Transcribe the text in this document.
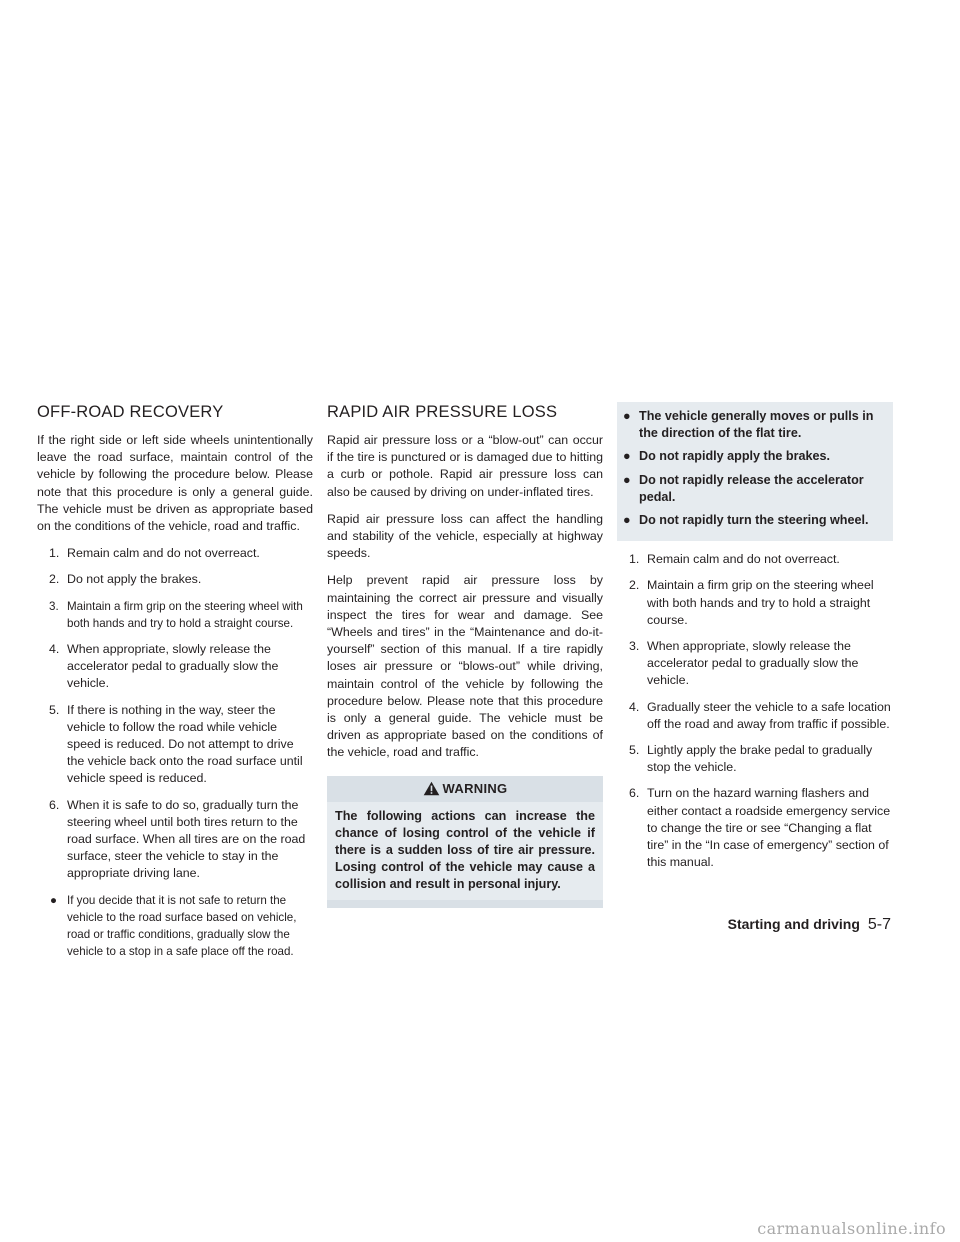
OFF-ROAD RECOVERY

If the right side or left side wheels unintentionally leave the road surface, maintain control of the vehicle by following the procedure below. Please note that this procedure is only a general guide. The vehicle must be driven as appropriate based on the conditions of the vehicle, road and traffic.

1. Remain calm and do not overreact.
2. Do not apply the brakes.
3. Maintain a firm grip on the steering wheel with both hands and try to hold a straight course.
4. When appropriate, slowly release the accelerator pedal to gradually slow the vehicle.
5. If there is nothing in the way, steer the vehicle to follow the road while vehicle speed is reduced. Do not attempt to drive the vehicle back onto the road surface until vehicle speed is reduced.
6. When it is safe to do so, gradually turn the steering wheel until both tires return to the road surface. When all tires are on the road surface, steer the vehicle to stay in the appropriate driving lane.
● If you decide that it is not safe to return the vehicle to the road surface based on vehicle, road or traffic conditions, gradually slow the vehicle to a stop in a safe place off the road.
RAPID AIR PRESSURE LOSS

Rapid air pressure loss or a “blow-out” can occur if the tire is punctured or is damaged due to hitting a curb or pothole. Rapid air pressure loss can also be caused by driving on under-inflated tires.

Rapid air pressure loss can affect the handling and stability of the vehicle, especially at highway speeds.

Help prevent rapid air pressure loss by maintaining the correct air pressure and visually inspect the tires for wear and damage. See “Wheels and tires” in the “Maintenance and do-it-yourself” section of this manual. If a tire rapidly loses air pressure or “blows-out” while driving, maintain control of the vehicle by following the procedure below. Please note that this procedure is only a general guide. The vehicle must be driven as appropriate based on the conditions of the vehicle, road and traffic.

WARNING
The following actions can increase the chance of losing control of the vehicle if there is a sudden loss of tire air pressure. Losing control of the vehicle may cause a collision and result in personal injury.
● The vehicle generally moves or pulls in the direction of the flat tire.
● Do not rapidly apply the brakes.
● Do not rapidly release the accelerator pedal.
● Do not rapidly turn the steering wheel.
1. Remain calm and do not overreact.
2. Maintain a firm grip on the steering wheel with both hands and try to hold a straight course.
3. When appropriate, slowly release the accelerator pedal to gradually slow the vehicle.
4. Gradually steer the vehicle to a safe location off the road and away from traffic if possible.
5. Lightly apply the brake pedal to gradually stop the vehicle.
6. Turn on the hazard warning flashers and either contact a roadside emergency service to change the tire or see “Changing a flat tire” in the “In case of emergency” section of this manual.
Starting and driving 5-7
carmanualsonline.info
